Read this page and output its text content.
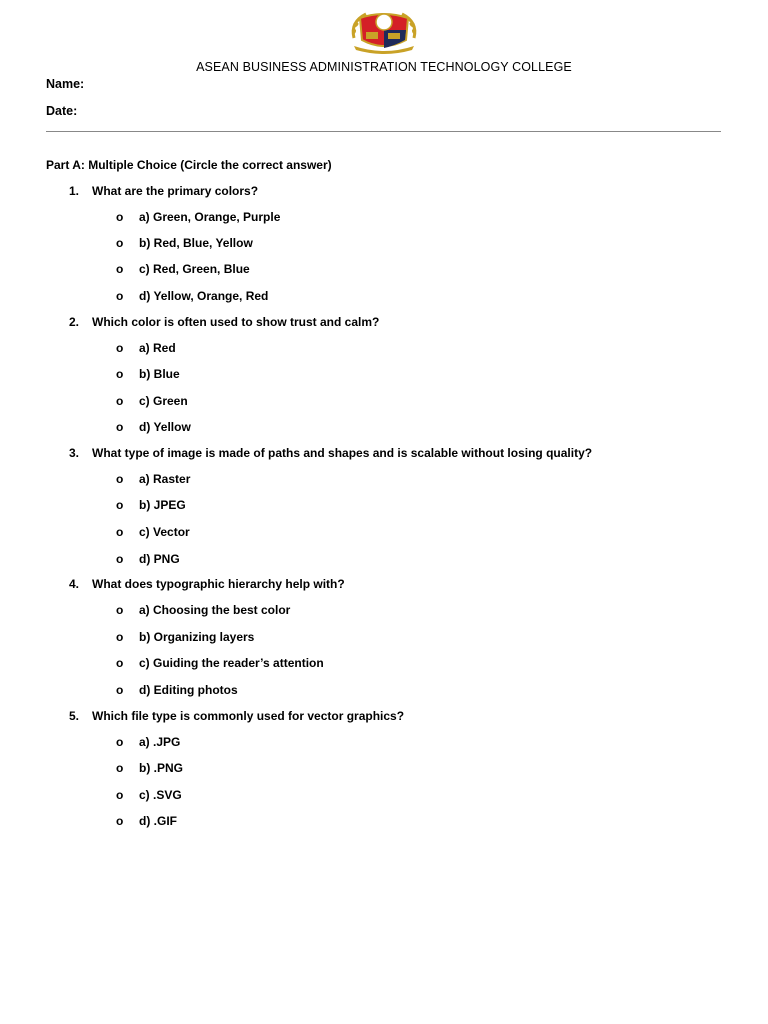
ASEAN BUSINESS ADMINISTRATION TECHNOLOGY COLLEGE
Name:
Date:
Part A: Multiple Choice (Circle the correct answer)
1. What are the primary colors?
o a) Green, Orange, Purple
o b) Red, Blue, Yellow
o c) Red, Green, Blue
o d) Yellow, Orange, Red
2. Which color is often used to show trust and calm?
o a) Red
o b) Blue
o c) Green
o d) Yellow
3. What type of image is made of paths and shapes and is scalable without losing quality?
o a) Raster
o b) JPEG
o c) Vector
o d) PNG
4. What does typographic hierarchy help with?
o a) Choosing the best color
o b) Organizing layers
o c) Guiding the reader’s attention
o d) Editing photos
5. Which file type is commonly used for vector graphics?
o a) .JPG
o b) .PNG
o c) .SVG
o d) .GIF
